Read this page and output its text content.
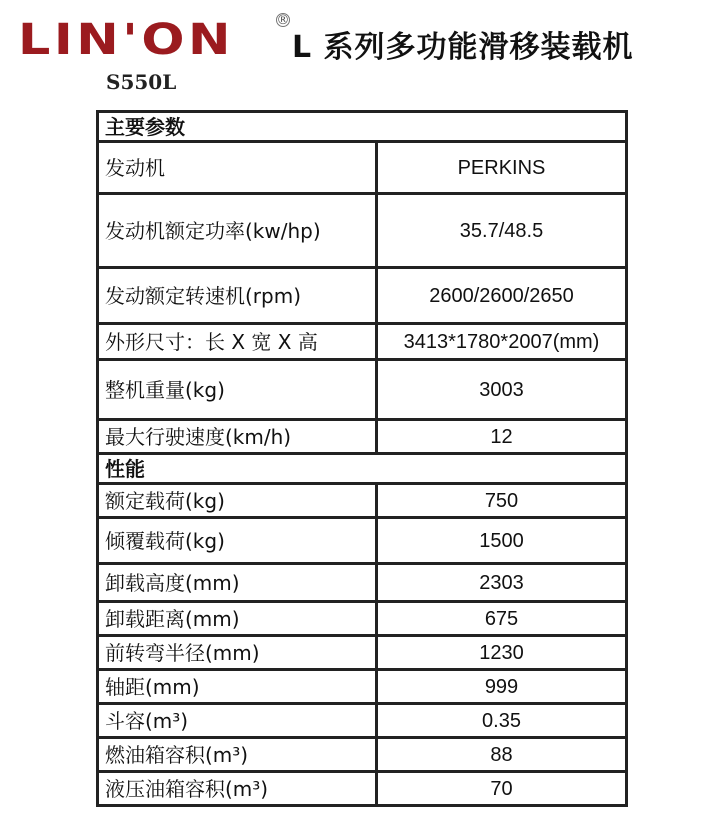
LIN'ON	®
L 系列多功能滑移装载机
S550L
主要参数	
发动机	PERKINS
发动机额定功率(kw/hp)	35.7/48.5
发动额定转速机(rpm)	2600/2600/2650
外形尺寸：长 X 宽 X 高	3413*1780*2007(mm)
整机重量(kg)	3003
最大行驶速度(km/h)	12
性能	
额定载荷(kg)	750
倾覆载荷(kg)	1500
卸载高度(mm)	2303
卸载距离(mm)	675
前转弯半径(mm)	1230
轴距(mm)	999
斗容(m³)	0.35
燃油箱容积(m³)	88
液压油箱容积(m³)	70
